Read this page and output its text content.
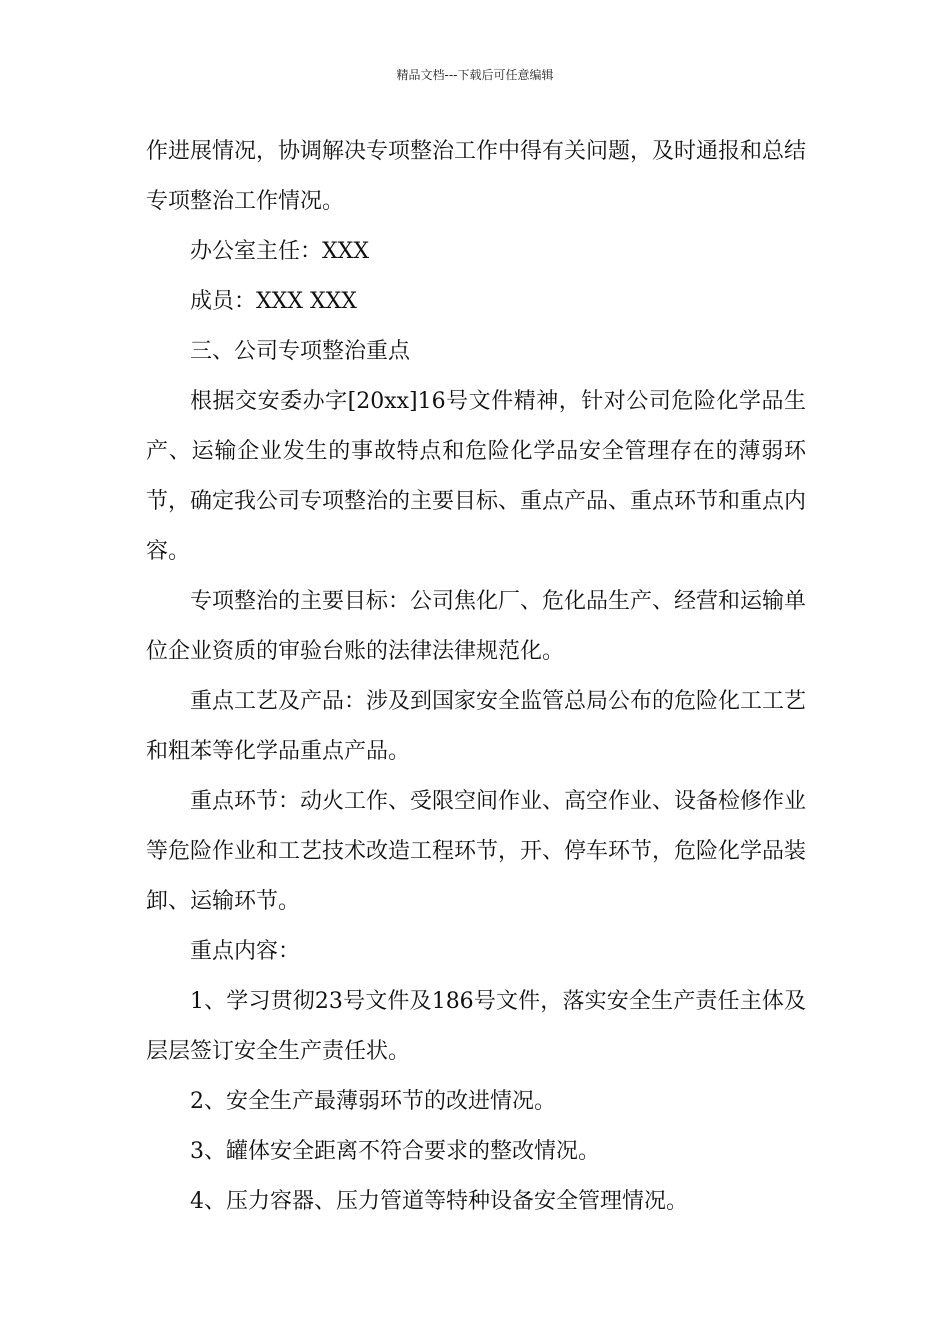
精品文档---下载后可任意编辑

作进展情况，协调解决专项整治工作中得有关问题，及时通报和总结专项整治工作情况。

办公室主任：XXX

成员：XXX XXX

三、公司专项整治重点

根据交安委办字[20xx]16号文件精神，针对公司危险化学品生产、运输企业发生的事故特点和危险化学品安全管理存在的薄弱环节，确定我公司专项整治的主要目标、重点产品、重点环节和重点内容。

专项整治的主要目标：公司焦化厂、危化品生产、经营和运输单位企业资质的审验台账的法律法律规范化。

重点工艺及产品：涉及到国家安全监管总局公布的危险化工工艺和粗苯等化学品重点产品。

重点环节：动火工作、受限空间作业、高空作业、设备检修作业等危险作业和工艺技术改造工程环节，开、停车环节，危险化学品装卸、运输环节。

重点内容：

1、学习贯彻23号文件及186号文件，落实安全生产责任主体及层层签订安全生产责任状。

2、安全生产最薄弱环节的改进情况。

3、罐体安全距离不符合要求的整改情况。

4、压力容器、压力管道等特种设备安全管理情况。
